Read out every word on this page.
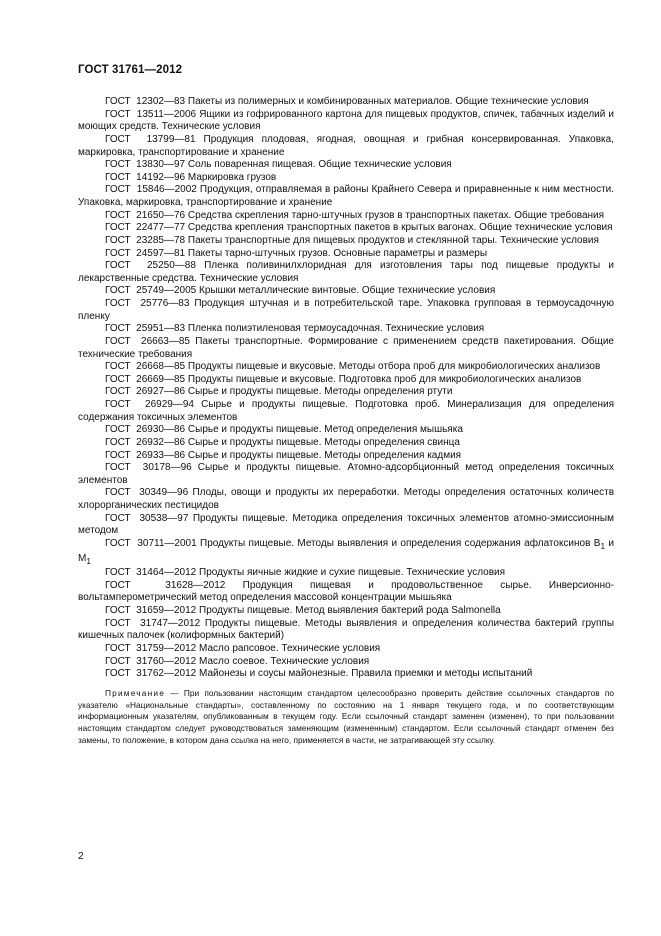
ГОСТ 31761—2012

ГОСТ  12302—83 Пакеты из полимерных и комбинированных материалов. Общие технические условия

ГОСТ  13511—2006 Ящики из гофрированного картона для пищевых продуктов, спичек, табачных изделий и моющих средств. Технические условия

ГОСТ  13799—81 Продукция плодовая, ягодная, овощная и грибная консервированная. Упаковка, маркировка, транспортирование и хранение

ГОСТ  13830—97 Соль поваренная пищевая. Общие технические условия

ГОСТ  14192—96 Маркировка грузов

ГОСТ  15846—2002 Продукция, отправляемая в районы Крайнего Севера и приравненные к ним местности. Упаковка, маркировка, транспортирование и хранение

ГОСТ  21650—76 Средства скрепления тарно-штучных грузов в транспортных пакетах. Общие требования

ГОСТ  22477—77 Средства крепления транспортных пакетов в крытых вагонах. Общие технические условия

ГОСТ  23285—78 Пакеты транспортные для пищевых продуктов и стеклянной тары. Технические условия

ГОСТ  24597—81 Пакеты тарно-штучных грузов. Основные параметры и размеры

ГОСТ  25250—88 Пленка поливинилхлоридная для изготовления тары под пищевые продукты и лекарственные средства. Технические условия

ГОСТ  25749—2005 Крышки металлические винтовые. Общие технические условия

ГОСТ  25776—83 Продукция штучная и в потребительской таре. Упаковка групповая в термоусадочную пленку

ГОСТ  25951—83 Пленка полиэтиленовая термоусадочная. Технические условия

ГОСТ  26663—85 Пакеты транспортные. Формирование с применением средств пакетирования. Общие технические требования

ГОСТ  26668—85 Продукты пищевые и вкусовые. Методы отбора проб для микробиологических анализов

ГОСТ  26669—85 Продукты пищевые и вкусовые. Подготовка проб для микробиологических анализов

ГОСТ  26927—86 Сырье и продукты пищевые. Методы определения ртути

ГОСТ  26929—94 Сырье и продукты пищевые. Подготовка проб. Минерализация для определения содержания токсичных элементов

ГОСТ  26930—86 Сырье и продукты пищевые. Метод определения мышьяка

ГОСТ  26932—86 Сырье и продукты пищевые. Методы определения свинца

ГОСТ  26933—86 Сырье и продукты пищевые. Методы определения кадмия

ГОСТ  30178—96 Сырье и продукты пищевые. Атомно-адсорбционный метод определения токсичных элементов

ГОСТ  30349—96 Плоды, овощи и продукты их переработки. Методы определения остаточных количеств хлорорганических пестицидов

ГОСТ  30538—97 Продукты пищевые. Методика определения токсичных элементов атомно-эмиссионным методом

ГОСТ  30711—2001 Продукты пищевые. Методы выявления и определения содержания афлатоксинов $B_1$ и $M_1$

ГОСТ  31464—2012 Продукты яичные жидкие и сухие пищевые. Технические условия

ГОСТ  31628—2012 Продукция пищевая и продовольственное сырье. Инверсионно-вольтамперометрический метод определения массовой концентрации мышьяка

ГОСТ  31659—2012 Продукты пищевые. Метод выявления бактерий рода Salmonella

ГОСТ  31747—2012 Продукты пищевые. Методы выявления и определения количества бактерий группы кишечных палочек (колиформных бактерий)

ГОСТ  31759—2012 Масло рапсовое. Технические условия

ГОСТ  31760—2012 Масло соевое. Технические условия

ГОСТ  31762—2012 Майонезы и соусы майонезные. Правила приемки и методы испытаний

Примечание — При пользовании настоящим стандартом целесообразно проверить действие ссылочных стандартов по указателю «Национальные стандарты», составленному по состоянию на 1 января текущего года, и по соответствующим информационным указателям, опубликованным в текущем году. Если ссылочный стандарт заменен (изменен), то при пользовании настоящим стандартом следует руководствоваться заменяющим (измененным) стандартом. Если ссылочный стандарт отменен без замены, то положение, в котором дана ссылка на него, применяется в части, не затрагивающей эту ссылку.

2
